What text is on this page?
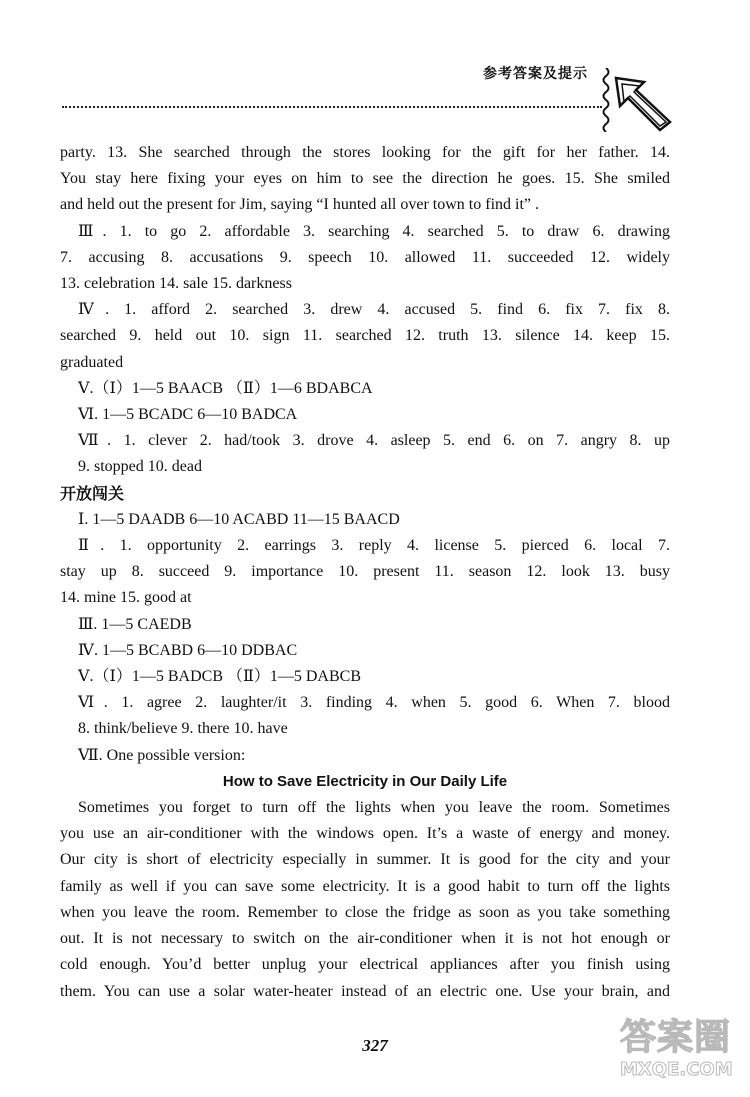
参考答案及提示

party. 13. She searched through the stores looking for the gift for her father. 14.

You stay here fixing your eyes on him to see the direction he goes. 15. She smiled

and held out the present for Jim, saying “I hunted all over town to find it” .

Ⅲ. 1. to go 2. affordable 3. searching 4. searched 5. to draw 6. drawing

7. accusing 8. accusations 9. speech 10. allowed 11. succeeded 12. widely

13. celebration 14. sale 15. darkness

Ⅳ. 1. afford 2. searched 3. drew 4. accused 5. find 6. fix 7. fix 8.

searched 9. held out 10. sign 11. searched 12. truth 13. silence 14. keep 15.

graduated

Ⅴ.（Ⅰ）1—5 BAACB （Ⅱ）1—6 BDABCA

Ⅵ. 1—5 BCADC 6—10 BADCA

Ⅶ. 1. clever 2. had/took 3. drove 4. asleep 5. end 6. on 7. angry 8. up

9. stopped 10. dead

开放闯关

Ⅰ. 1—5 DAADB 6—10 ACABD 11—15 BAACD

Ⅱ. 1. opportunity 2. earrings 3. reply 4. license 5. pierced 6. local 7.

stay up 8. succeed 9. importance 10. present 11. season 12. look 13. busy

14. mine 15. good at

Ⅲ. 1—5 CAEDB

Ⅳ. 1—5 BCABD 6—10 DDBAC

Ⅴ.（Ⅰ）1—5 BADCB （Ⅱ）1—5 DABCB

Ⅵ. 1. agree 2. laughter/it 3. finding 4. when 5. good 6. When 7. blood

8. think/believe 9. there 10. have

Ⅶ. One possible version:

How to Save Electricity in Our Daily Life

Sometimes you forget to turn off the lights when you leave the room. Sometimes

you use an air-conditioner with the windows open. It’s a waste of energy and money.

Our city is short of electricity especially in summer. It is good for the city and your

family as well if you can save some electricity. It is a good habit to turn off the lights

when you leave the room. Remember to close the fridge as soon as you take something

out. It is not necessary to switch on the air-conditioner when it is not hot enough or

cold enough. You’d better unplug your electrical appliances after you finish using

them. You can use a solar water-heater instead of an electric one. Use your brain, and

327	答案圈
MXQE.COM
